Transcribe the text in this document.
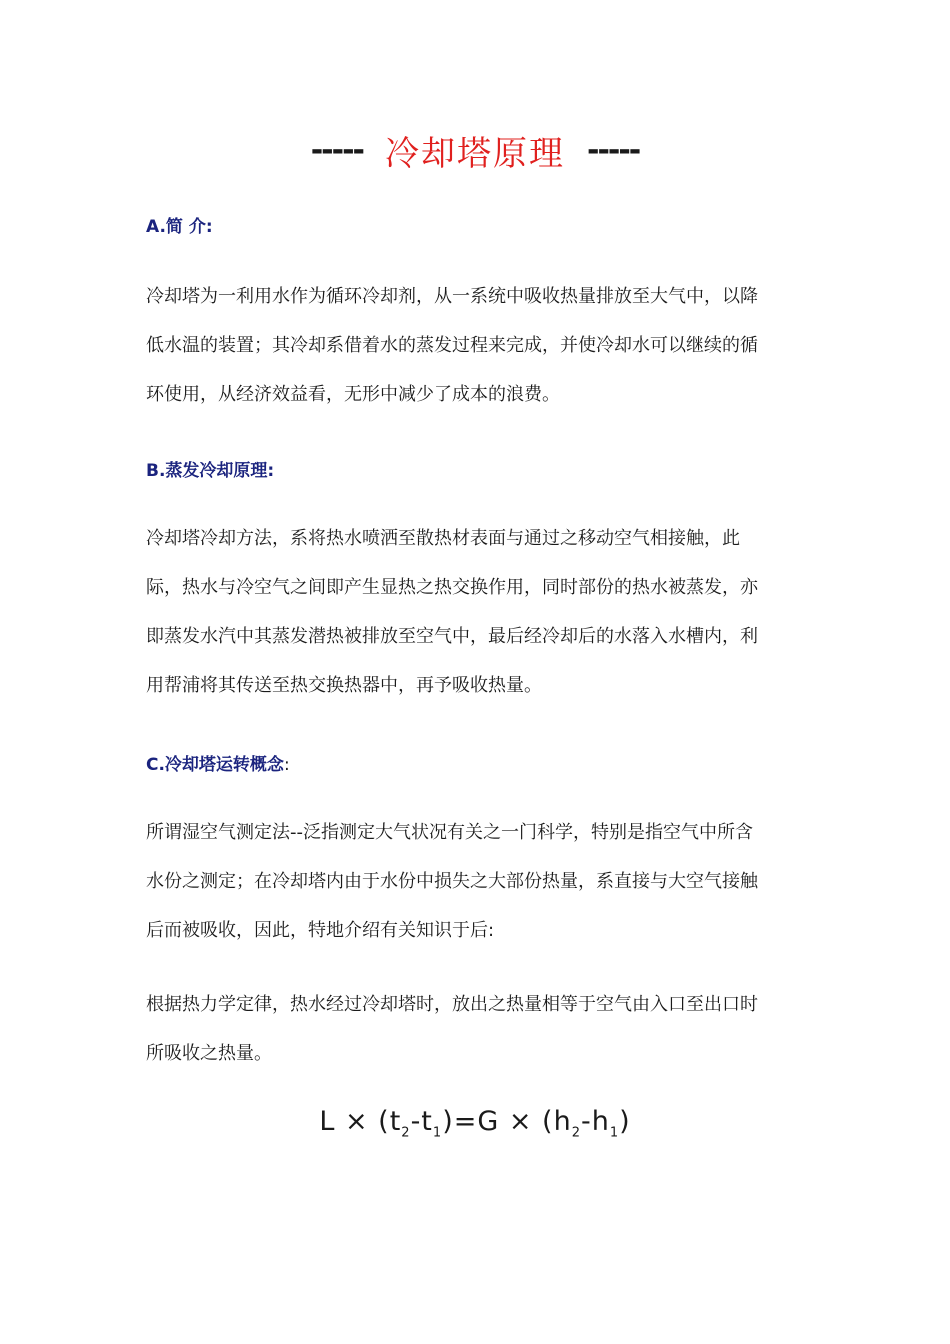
----- 冷却塔原理 -----
A.简 介:
冷却塔为一利用水作为循环冷却剂，从一系统中吸收热量排放至大气中，以降
低水温的装置；其冷却系借着水的蒸发过程来完成，并使冷却水可以继续的循
环使用，从经济效益看，无形中减少了成本的浪费。
B.蒸发冷却原理:
冷却塔冷却方法，系将热水喷洒至散热材表面与通过之移动空气相接触，此
际，热水与冷空气之间即产生显热之热交换作用，同时部份的热水被蒸发，亦
即蒸发水汽中其蒸发潜热被排放至空气中，最后经冷却后的水落入水槽内，利
用帮浦将其传送至热交换热器中，再予吸收热量。
C.冷却塔运转概念:
所谓湿空气测定法--泛指测定大气状况有关之一门科学，特别是指空气中所含
水份之测定；在冷却塔内由于水份中损失之大部份热量，系直接与大空气接触
后而被吸收，因此，特地介绍有关知识于后:
根据热力学定律，热水经过冷却塔时，放出之热量相等于空气由入口至出口时
所吸收之热量。
$L \times (t_2-t_1)=G \times (h_2-h_1)$
